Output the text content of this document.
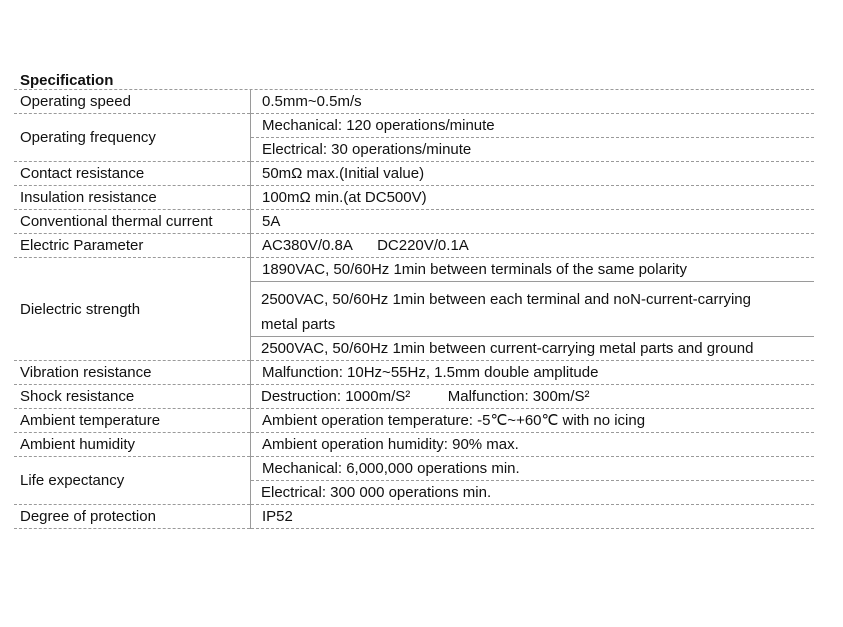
Specification
Operating speed	0.5mm~0.5m/s
Operating frequency	Mechanical: 120 operations/minute
	Electrical: 30 operations/minute
Contact resistance	50mΩ max.(Initial value)
Insulation resistance	100mΩ min.(at DC500V)
Conventional thermal current	5A
Electric Parameter	AC380V/0.8A      DC220V/0.1A
Dielectric strength	1890VAC, 50/60Hz 1min between terminals of the same polarity

	2500VAC, 50/60Hz 1min between each terminal and noN-current-carrying
metal parts

	2500VAC, 50/60Hz 1min between current-carrying metal parts and ground
Vibration resistance	Malfunction: 10Hz~55Hz, 1.5mm double amplitude
Shock resistance	Destruction: 1000m/S²         Malfunction: 300m/S²
Ambient temperature	Ambient operation temperature: -5℃~+60℃ with no icing
Ambient humidity	Ambient operation humidity: 90% max.
Life expectancy	Mechanical: 6,000,000 operations min.
	Electrical: 300 000 operations min.
Degree of protection	IP52
